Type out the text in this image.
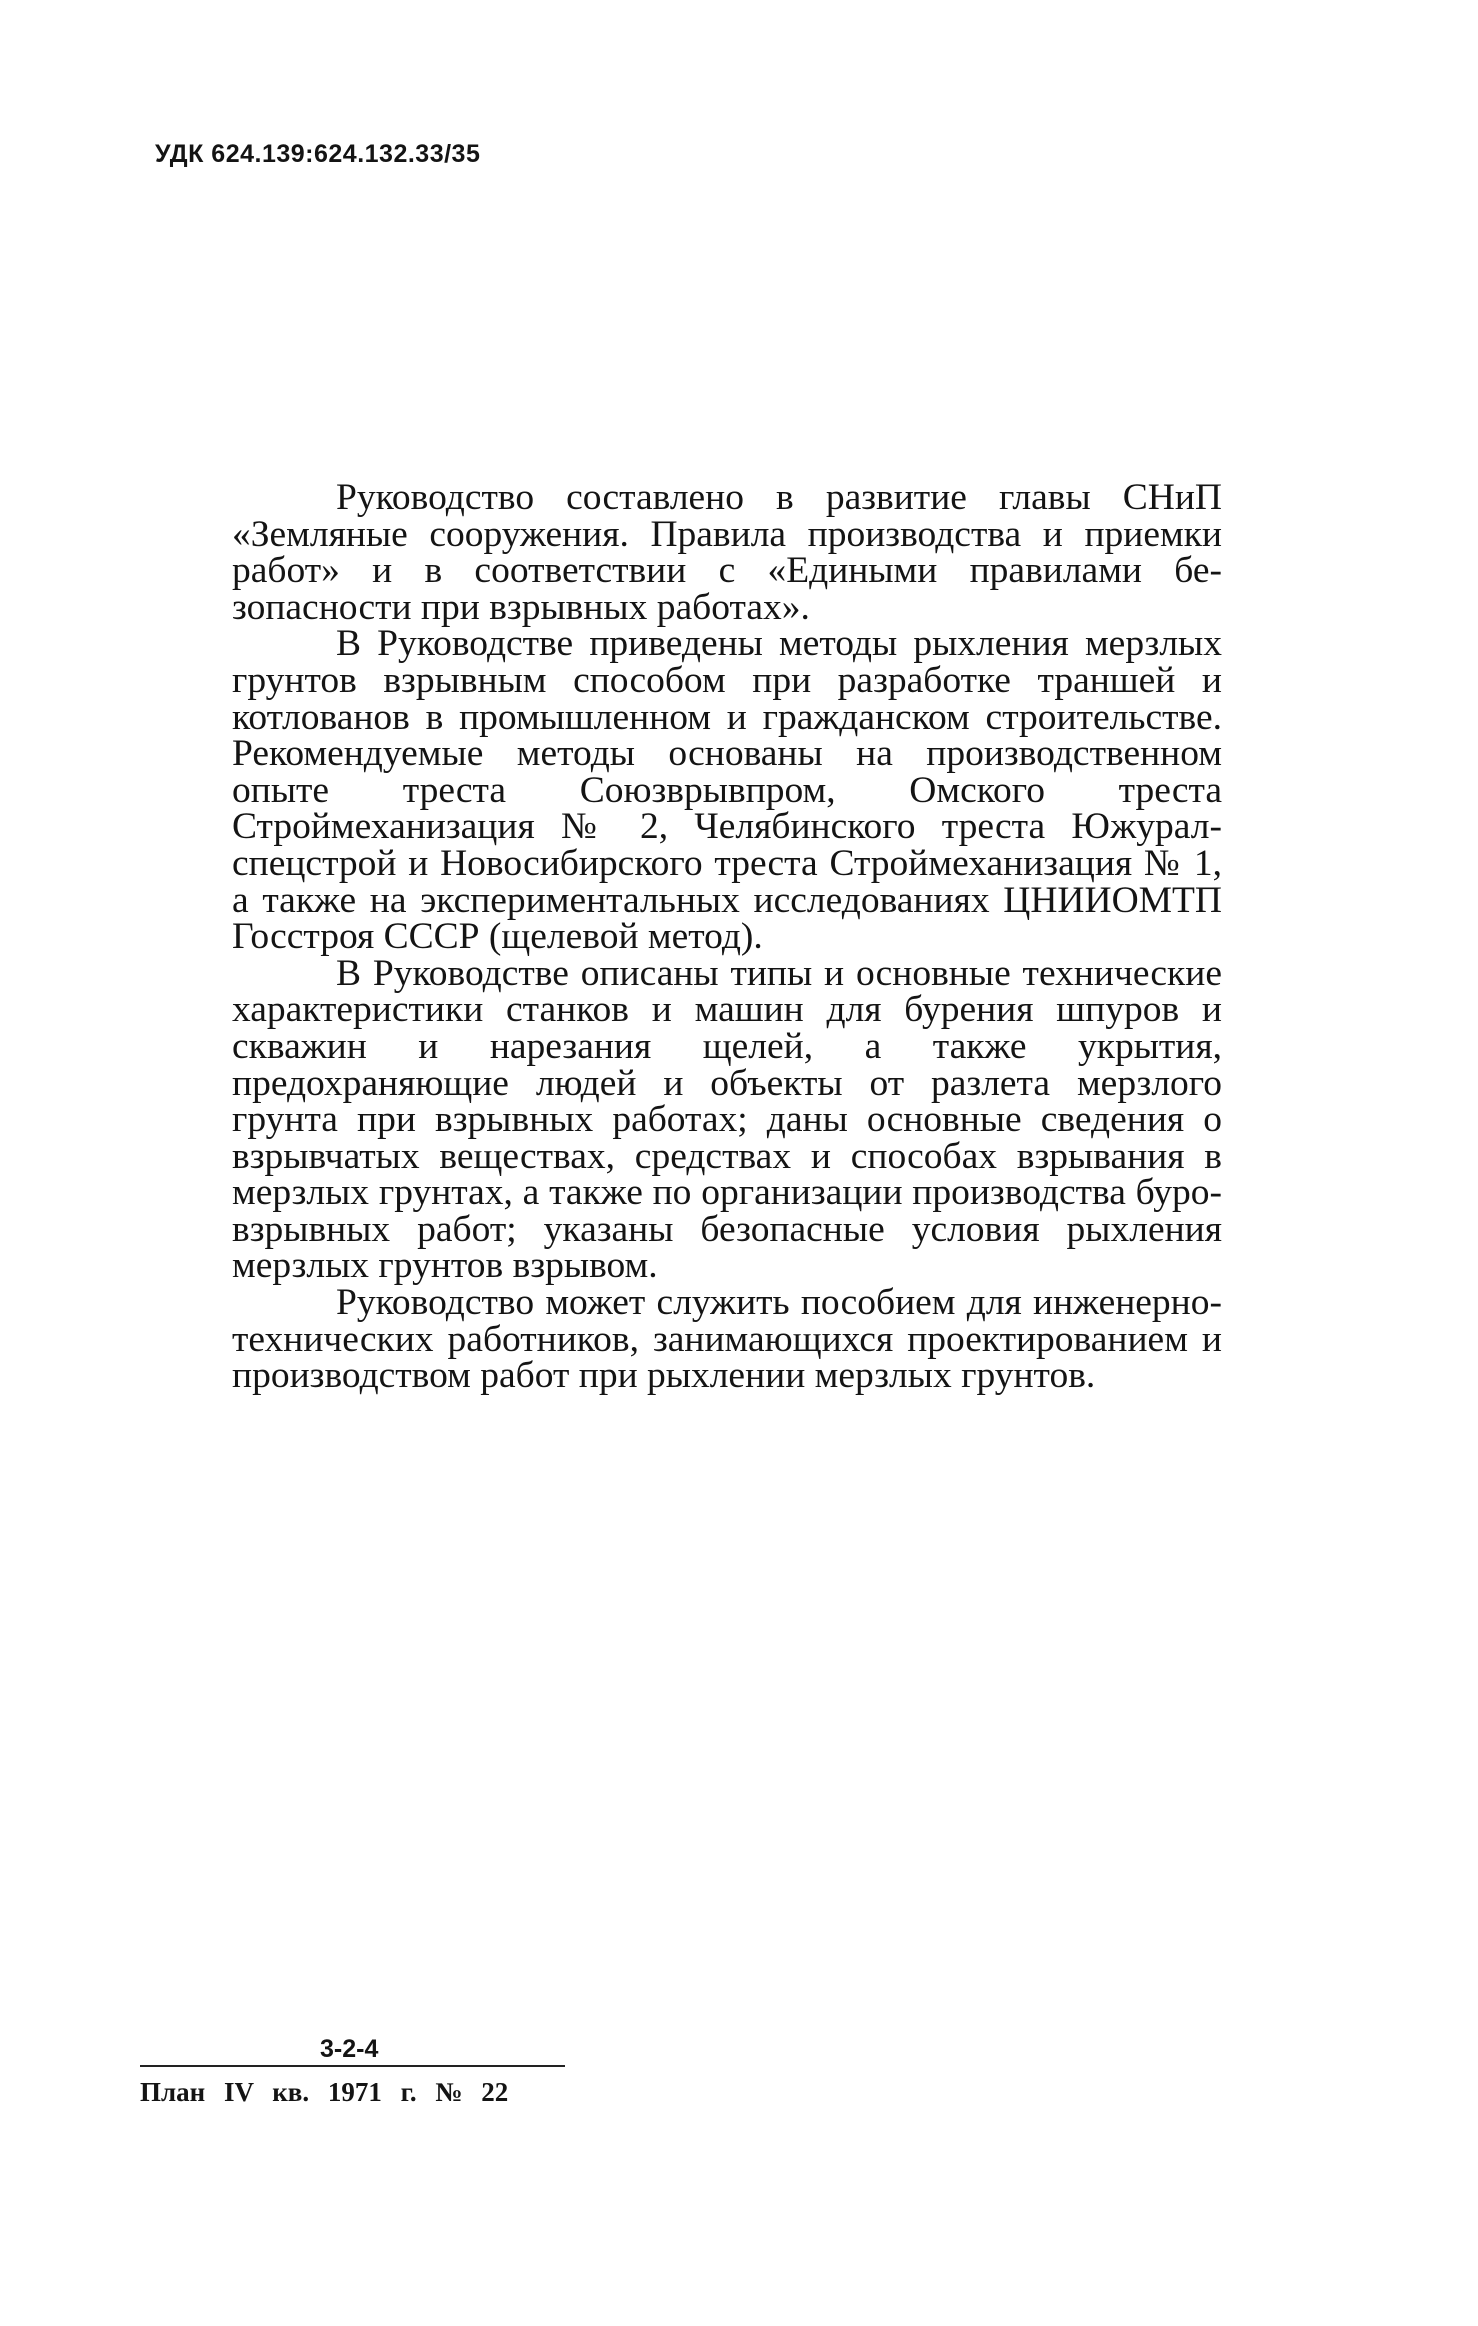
УДК 624.139:624.132.33/35

Руководство составлено в развитие главы СНиП «Земляные сооружения. Правила производства и приемки работ» и в соответствии с «Едиными правилами безопасности при взрывных работах».

В Руководстве приведены методы рыхления мерзлых грунтов взрывным способом при разработке траншей и котлованов в промышленном и гражданском строительстве. Рекомендуемые методы основаны на производственном опыте треста Союзврывпром, Омского треста Строймеханизация № 2, Челябинского треста Южуралспецстрой и Новосибирского треста Строймеханизация № 1, а также на экспериментальных исследованиях ЦНИИОМТП Госстроя СССР (щелевой метод).

В Руководстве описаны типы и основные технические характеристики станков и машин для бурения шпуров и скважин и нарезания щелей, а также укрытия, предохраняющие людей и объекты от разлета мерзлого грунта при взрывных работах; даны основные сведения о взрывчатых веществах, средствах и способах взрывания в мерзлых грунтах, а также по организации производства буро-взрывных работ; указаны безопасные условия рыхления мерзлых грунтов взрывом.

Руководство может служить пособием для инженерно-технических работников, занимающихся проектированием и производством работ при рыхлении мерзлых грунтов.

3-2-4
План IV кв. 1971 г. № 22
